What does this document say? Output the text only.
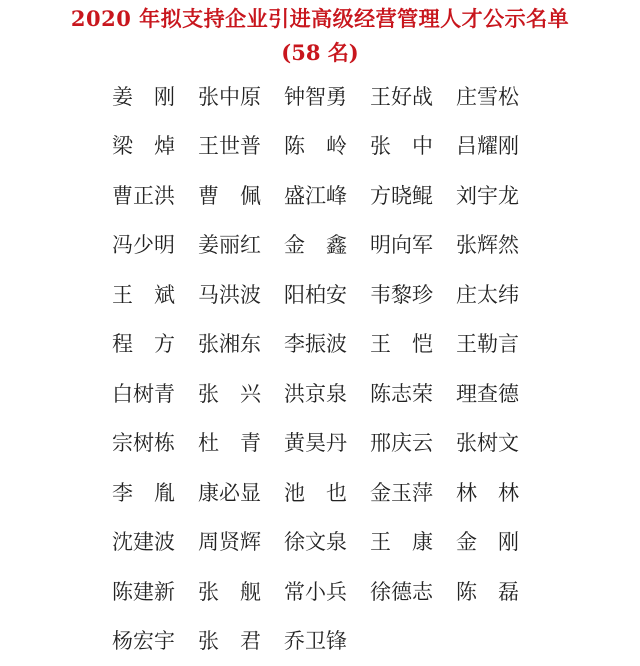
2020 年拟支持企业引进高级经营管理人才公示名单
(58 名)
姜　刚	张中原	钟智勇	王好战	庄雪松
梁　焯	王世普	陈　岭	张　中	吕耀刚
曹正洪	曹　佩	盛江峰	方晓鲲	刘宇龙
冯少明	姜丽红	金　鑫	明向军	张辉然
王　斌	马洪波	阳柏安	韦黎珍	庄太纬
程　方	张湘东	李振波	王　恺	王勒言
白树青	张　兴	洪京泉	陈志荣	理查德
宗树栋	杜　青	黄昊丹	邢庆云	张树文
李　胤	康必显	池　也	金玉萍	林　林
沈建波	周贤辉	徐文泉	王　康	金　刚
陈建新	张　舰	常小兵	徐德志	陈　磊
杨宏宇	张　君	乔卫锋
